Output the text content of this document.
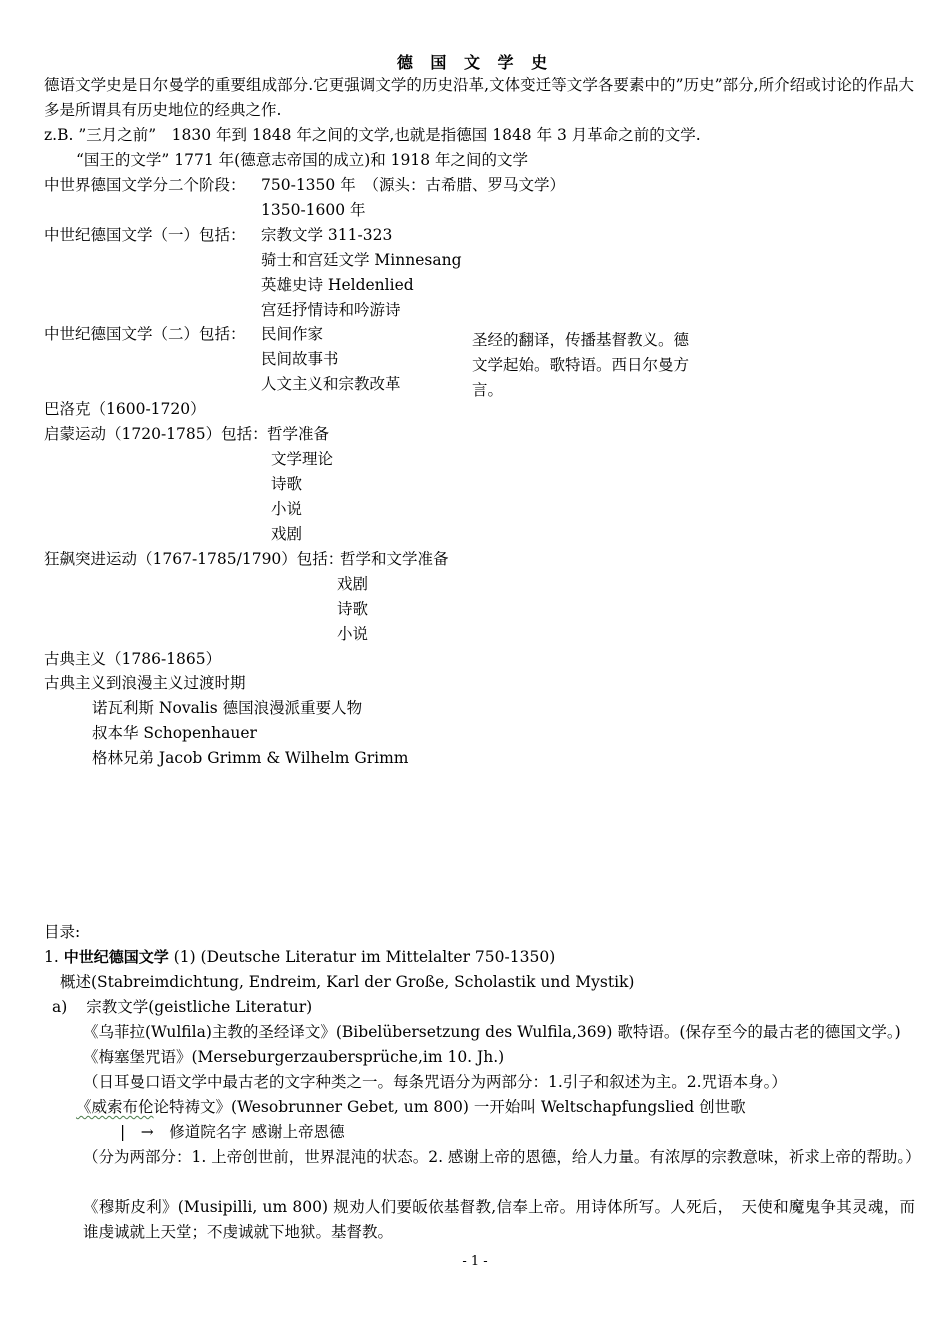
德 国 文 学 史
德语文学史是日尔曼学的重要组成部分.它更强调文学的历史沿革,文体变迁等文学各要素中的”历史”部分,所介绍或讨论的作品大多是所谓具有历史地位的经典之作.
z.B. ”三月之前”　1830 年到 1848 年之间的文学,也就是指德国 1848 年 3 月革命之前的文学.
“国王的文学” 1771 年(德意志帝国的成立)和 1918 年之间的文学
中世界德国文学分二个阶段： 750-1350 年　（源头：古希腊、罗马文学）
1350-1600 年
中世纪德国文学（一）包括： 宗教文学 311-323
骑士和宫廷文学 Minnesang
英雄史诗 Heldenlied
宫廷抒情诗和吟游诗
中世纪德国文学（二）包括： 民间作家
民间故事书
人文主义和宗教改革
圣经的翻译，传播基督教义。德文学起始。歌特语。西日尔曼方言。
巴洛克（1600-1720）
启蒙运动（1720-1785）包括： 哲学准备
文学理论
诗歌
小说
戏剧
狂飙突进运动（1767-1785/1790）包括：
哲学和文学准备
戏剧
诗歌
小说
古典主义（1786-1865）
古典主义到浪漫主义过渡时期
诺瓦利斯 Novalis 德国浪漫派重要人物
叔本华 Schopenhauer
格林兄弟 Jacob Grimm & Wilhelm Grimm
目录:
1. 中世纪德国文学 (1) (Deutsche Literatur im Mittelalter 750-1350)
概述(Stabreimdichtung, Endreim, Karl der Große, Scholastik und Mystik)
a) 宗教文学(geistliche Literatur)
《乌菲拉(Wulfila)主教的圣经译文》(Bibelübersetzung des Wulfila,369) 歌特语。(保存至今的最古老的德国文学。)
《梅塞堡咒语》(Merseburgerzaubersprüche,im 10. Jh.)
（日耳曼口语文学中最古老的文字种类之一。每条咒语分为两部分：1.引子和叙述为主。2.咒语本身。）
《威索布伦论特祷文》(Wesobrunner Gebet, um 800) 一开始叫 Weltschapfungslied 创世歌
|　→　修道院名字 感谢上帝恩德
（分为两部分：1. 上帝创世前，世界混沌的状态。2. 感谢上帝的恩德，给人力量。有浓厚的宗教意味，祈求上帝的帮助。）
《穆斯皮利》(Musipilli, um 800) 规劝人们要皈依基督教,信奉上帝。用诗体所写。人死后，　天使和魔鬼争其灵魂，而谁虔诚就上天堂；不虔诚就下地狱。基督教。
- 1 -
